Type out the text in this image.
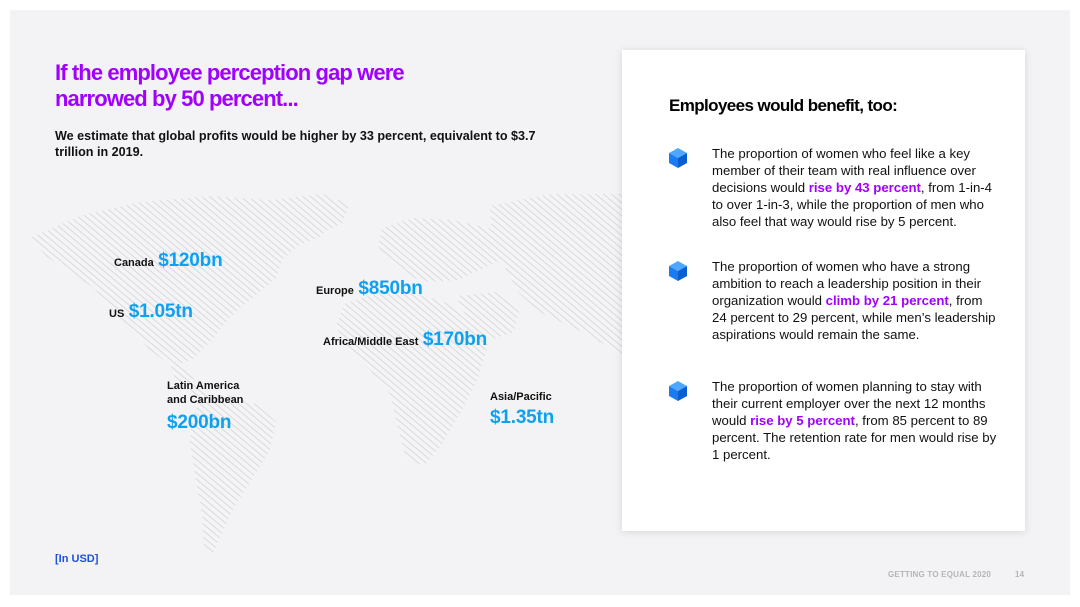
If the employee perception gap were
narrowed by 50 percent...

We estimate that global profits would be higher by 33 percent, equivalent to $3.7 trillion in 2019.

Canada $120bn
US $1.05tn
Europe $850bn
Africa/Middle East $170bn
Latin America
and Caribbean
$200bn
Asia/Pacific
$1.35tn
[In USD]
Employees would benefit, too:

The proportion of women who feel like a key member of their team with real influence over decisions would rise by 43 percent, from 1-in-4 to over 1-in-3, while the proportion of men who also feel that way would rise by 5 percent.

The proportion of women who have a strong ambition to reach a leadership position in their organization would climb by 21 percent, from 24 percent to 29 percent, while men’s leadership aspirations would remain the same.

The proportion of women planning to stay with their current employer over the next 12 months would rise by 5 percent, from 85 percent to 89 percent. The retention rate for men would rise by 1 percent.

GETTING TO EQUAL 2020	14
